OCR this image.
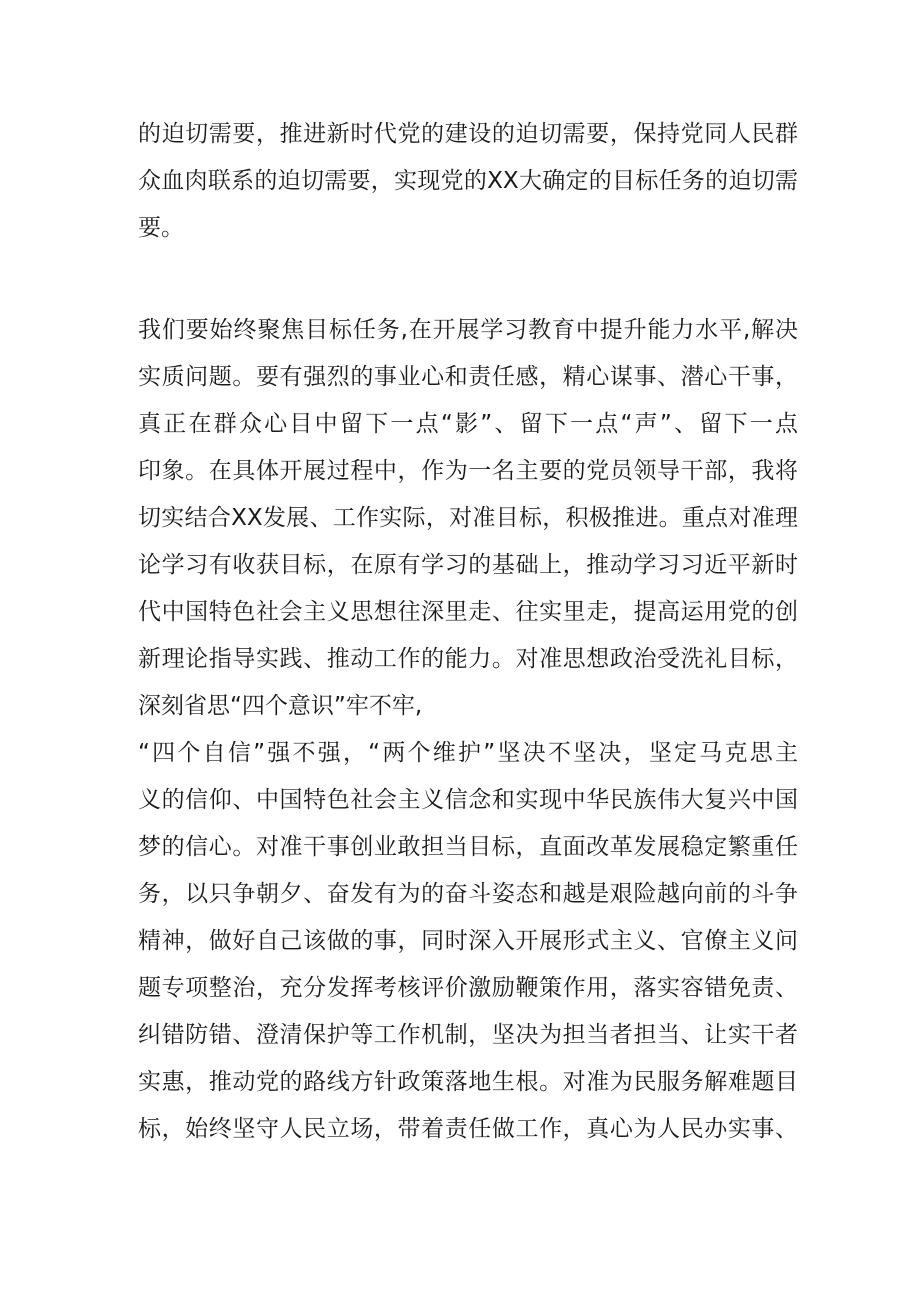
的迫切需要，推进新时代党的建设的迫切需要，保持党同人民群
众血肉联系的迫切需要，实现党的XX大确定的目标任务的迫切需
要。
我们要始终聚焦目标任务,在开展学习教育中提升能力水平,解决
实质问题。要有强烈的事业心和责任感，精心谋事、潜心干事，
真正在群众心目中留下一点“影”、留下一点“声”、留下一点
印象。在具体开展过程中，作为一名主要的党员领导干部，我将
切实结合XX发展、工作实际，对准目标，积极推进。重点对准理
论学习有收获目标，在原有学习的基础上，推动学习习近平新时
代中国特色社会主义思想往深里走、往实里走，提高运用党的创
新理论指导实践、推动工作的能力。对准思想政治受洗礼目标，
深刻省思“四个意识”牢不牢,
“四个自信”强不强，“两个维护”坚决不坚决，坚定马克思主
义的信仰、中国特色社会主义信念和实现中华民族伟大复兴中国
梦的信心。对准干事创业敢担当目标，直面改革发展稳定繁重任
务，以只争朝夕、奋发有为的奋斗姿态和越是艰险越向前的斗争
精神，做好自己该做的事，同时深入开展形式主义、官僚主义问
题专项整治，充分发挥考核评价激励鞭策作用，落实容错免责、
纠错防错、澄清保护等工作机制，坚决为担当者担当、让实干者
实惠，推动党的路线方针政策落地生根。对准为民服务解难题目
标，始终坚守人民立场，带着责任做工作，真心为人民办实事、
